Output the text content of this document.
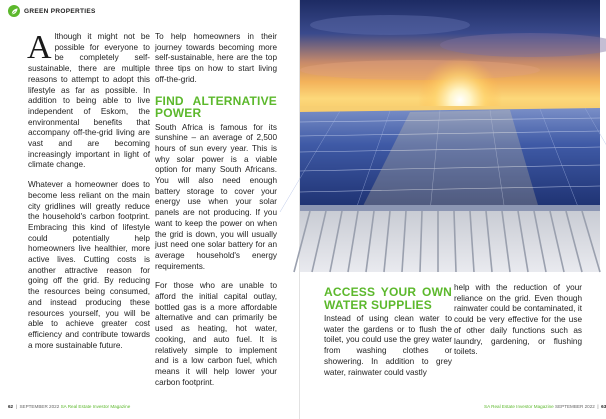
GREEN PROPERTIES

Although it might not be possible for everyone to be completely self-sustainable, there are multiple reasons to attempt to adopt this lifestyle as far as possible. In addition to being able to live independent of Eskom, the environmental benefits that accompany off-the-grid living are vast and are becoming increasingly important in light of climate change.

Whatever a homeowner does to become less reliant on the main city gridlines will greatly reduce the household's carbon footprint. Embracing this kind of lifestyle could potentially help homeowners live healthier, more active lives. Cutting costs is another attractive reason for going off the grid. By reducing the resources being consumed, and instead producing these resources yourself, you will be able to achieve greater cost efficiency and contribute towards a more sustainable future.

To help homeowners in their journey towards becoming more self-sustainable, here are the top three tips on how to start living off-the-grid.

FIND ALTERNATIVE POWER

South Africa is famous for its sunshine – an average of 2,500 hours of sun every year. This is why solar power is a viable option for many South Africans. You will also need enough battery storage to cover your energy use when your solar panels are not producing. If you want to keep the power on when the grid is down, you will usually just need one solar battery for an average household's energy requirements.

For those who are unable to afford the initial capital outlay, bottled gas is a more affordable alternative and can primarily be used as heating, hot water, cooking, and auto fuel. It is relatively simple to implement and is a low carbon fuel, which means it will help lower your carbon footprint.

62  |  SEPTEMBER 2022 SA Real Estate Investor Magazine	SA Real Estate Investor Magazine SEPTEMBER 2022  |  63
ACCESS YOUR OWN WATER SUPPLIES

Instead of using clean water to water the gardens or to flush the toilet, you could use the grey water from washing clothes or showering. In addition to grey water, rainwater could vastly

help with the reduction of your reliance on the grid. Even though rainwater could be contaminated, it could be very effective for the use of other daily functions such as laundry, gardening, or flushing toilets.
